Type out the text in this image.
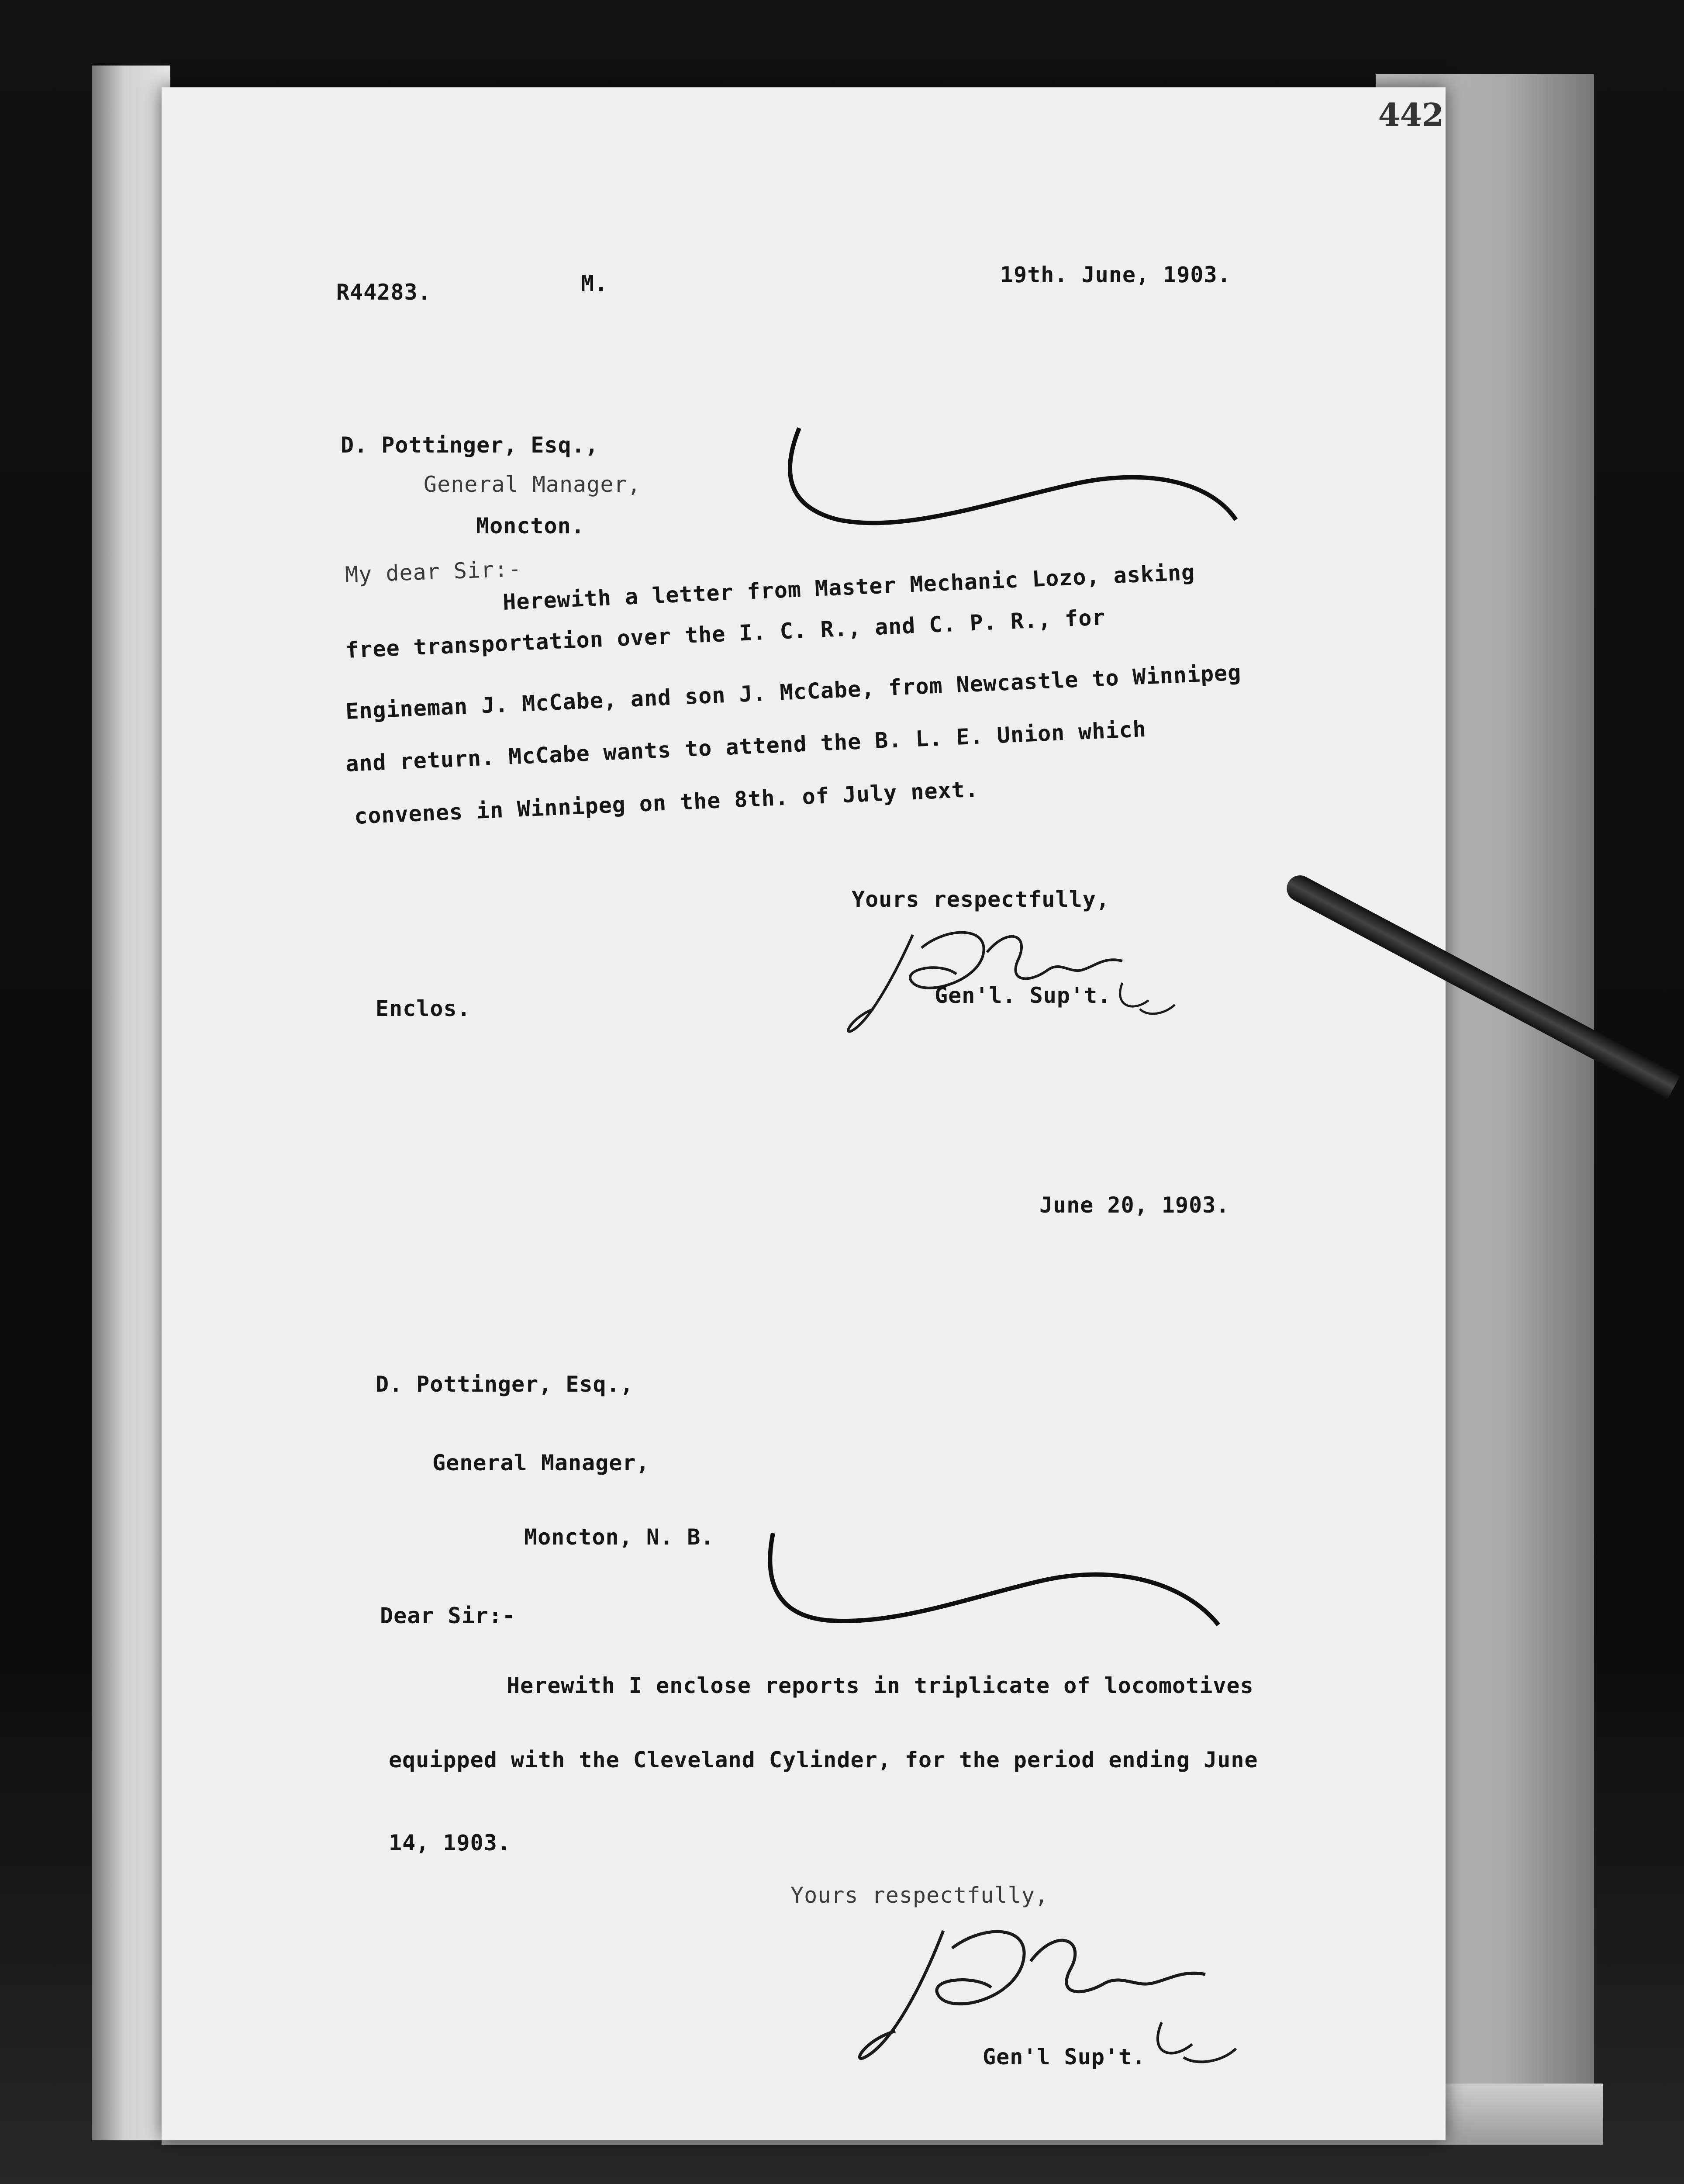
442
R44283.	M.	19th. June, 1903.
D. Pottinger, Esq.,
General Manager,
Moncton.
My dear Sir:-
Herewith a letter from Master Mechanic Lozo, asking
free transportation over the I. C. R., and C. P. R., for
Engineman J. McCabe, and son J. McCabe, from Newcastle to Winnipeg
and return. McCabe wants to attend the B. L. E. Union which
convenes in Winnipeg on the 8th. of July next.
Yours respectfully,
Gen'l. Sup't.
Enclos.
June 20, 1903.
D. Pottinger, Esq.,
General Manager,
Moncton, N. B.
Dear Sir:-
Herewith I enclose reports in triplicate of locomotives
equipped with the Cleveland Cylinder, for the period ending June
14, 1903.
Yours respectfully,
Gen'l Sup't.
